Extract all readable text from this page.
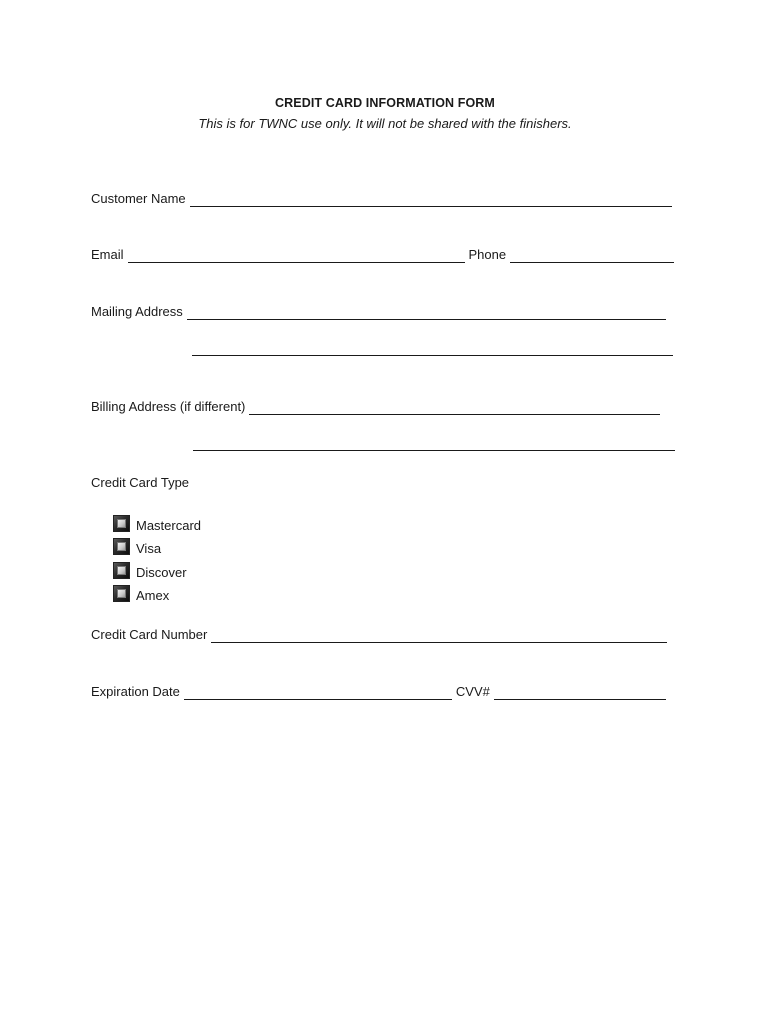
CREDIT CARD INFORMATION FORM
This is for TWNC use only. It will not be shared with the finishers.
Customer Name
Email	Phone
Mailing Address
Billing Address (if different)
Credit Card Type
Mastercard
Visa
Discover
Amex
Credit Card Number
Expiration Date	CVV#
